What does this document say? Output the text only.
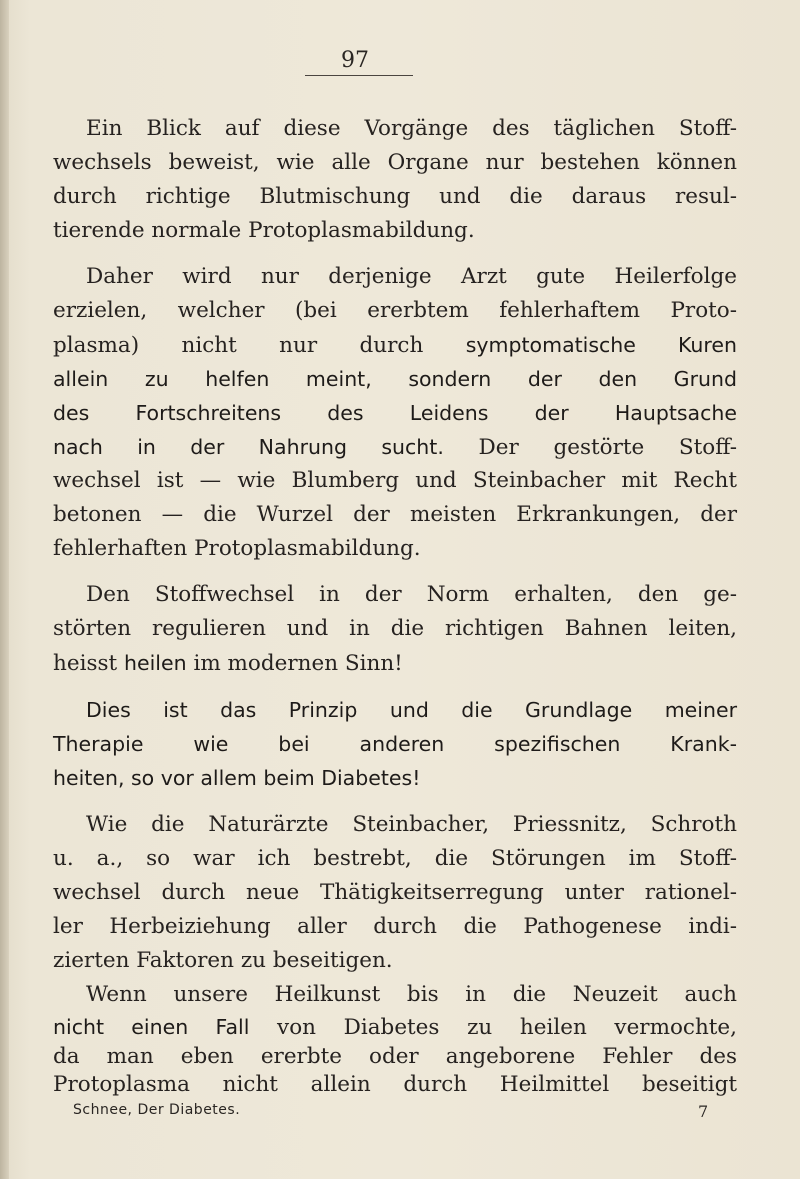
97

Ein Blick auf diese Vorgänge des täglichen Stoff-

wechsels beweist, wie alle Organe nur bestehen können

durch richtige Blutmischung und die daraus resul-

tierende normale Protoplasmabildung.

Daher wird nur derjenige Arzt gute Heilerfolge

erzielen, welcher (bei ererbtem fehlerhaftem Proto-

plasma) nicht nur durch symptomatische Kuren

allein zu helfen meint, sondern der den Grund

des Fortschreitens des Leidens der Hauptsache

nach in der Nahrung sucht. Der gestörte Stoff-

wechsel ist — wie Blumberg und Steinbacher mit Recht

betonen — die Wurzel der meisten Erkrankungen, der

fehlerhaften Protoplasmabildung.

Den Stoffwechsel in der Norm erhalten, den ge-

störten regulieren und in die richtigen Bahnen leiten,

heisst heilen im modernen Sinn!

Dies ist das Prinzip und die Grundlage meiner

Therapie wie bei anderen spezifischen Krank-

heiten, so vor allem beim Diabetes!

Wie die Naturärzte Steinbacher, Priessnitz, Schroth

u. a., so war ich bestrebt, die Störungen im Stoff-

wechsel durch neue Thätigkeitserregung unter rationel-

ler Herbeiziehung aller durch die Pathogenese indi-

zierten Faktoren zu beseitigen.

Wenn unsere Heilkunst bis in die Neuzeit auch

nicht einen Fall von Diabetes zu heilen vermochte,

da man eben ererbte oder angeborene Fehler des

Protoplasma nicht allein durch Heilmittel beseitigt

Schnee, Der Diabetes.	7
